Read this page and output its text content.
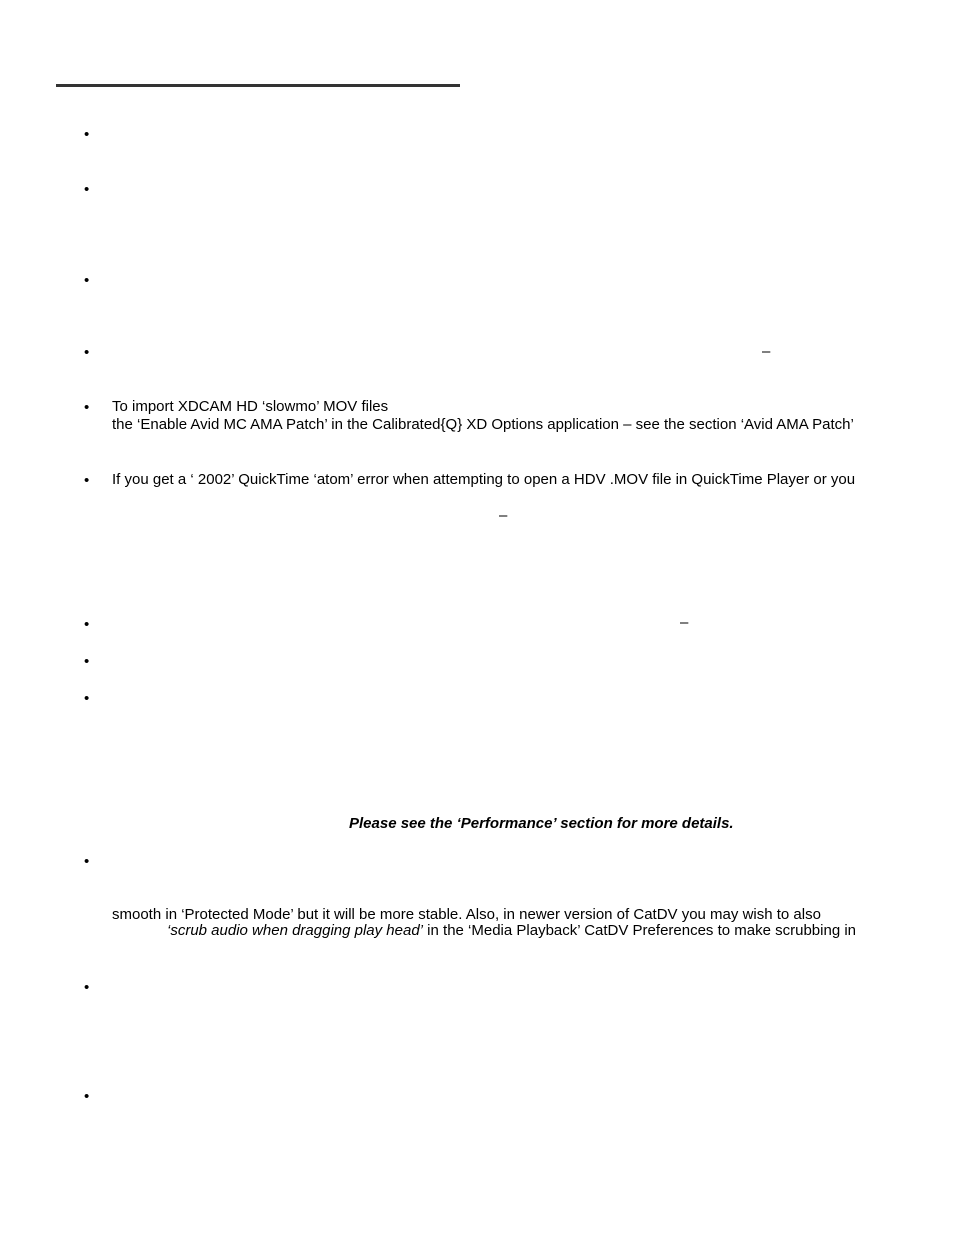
•
•
•
•
•
•
•
•
•
•
•
•
–
–
–
To import XDCAM HD ‘slowmo’ MOV files
the ‘Enable Avid MC AMA Patch’ in the Calibrated{Q} XD Options application – see the section ‘Avid AMA Patch’
If you get a ‘ 2002’ QuickTime ‘atom’ error when attempting to open a HDV .MOV file in QuickTime Player or you
Please see the ‘Performance’ section for more details.
smooth in ‘Protected Mode’ but it will be more stable. Also, in newer version of CatDV you may wish to also
‘scrub audio when dragging play head’ in the ‘Media Playback’ CatDV Preferences to make scrubbing in
